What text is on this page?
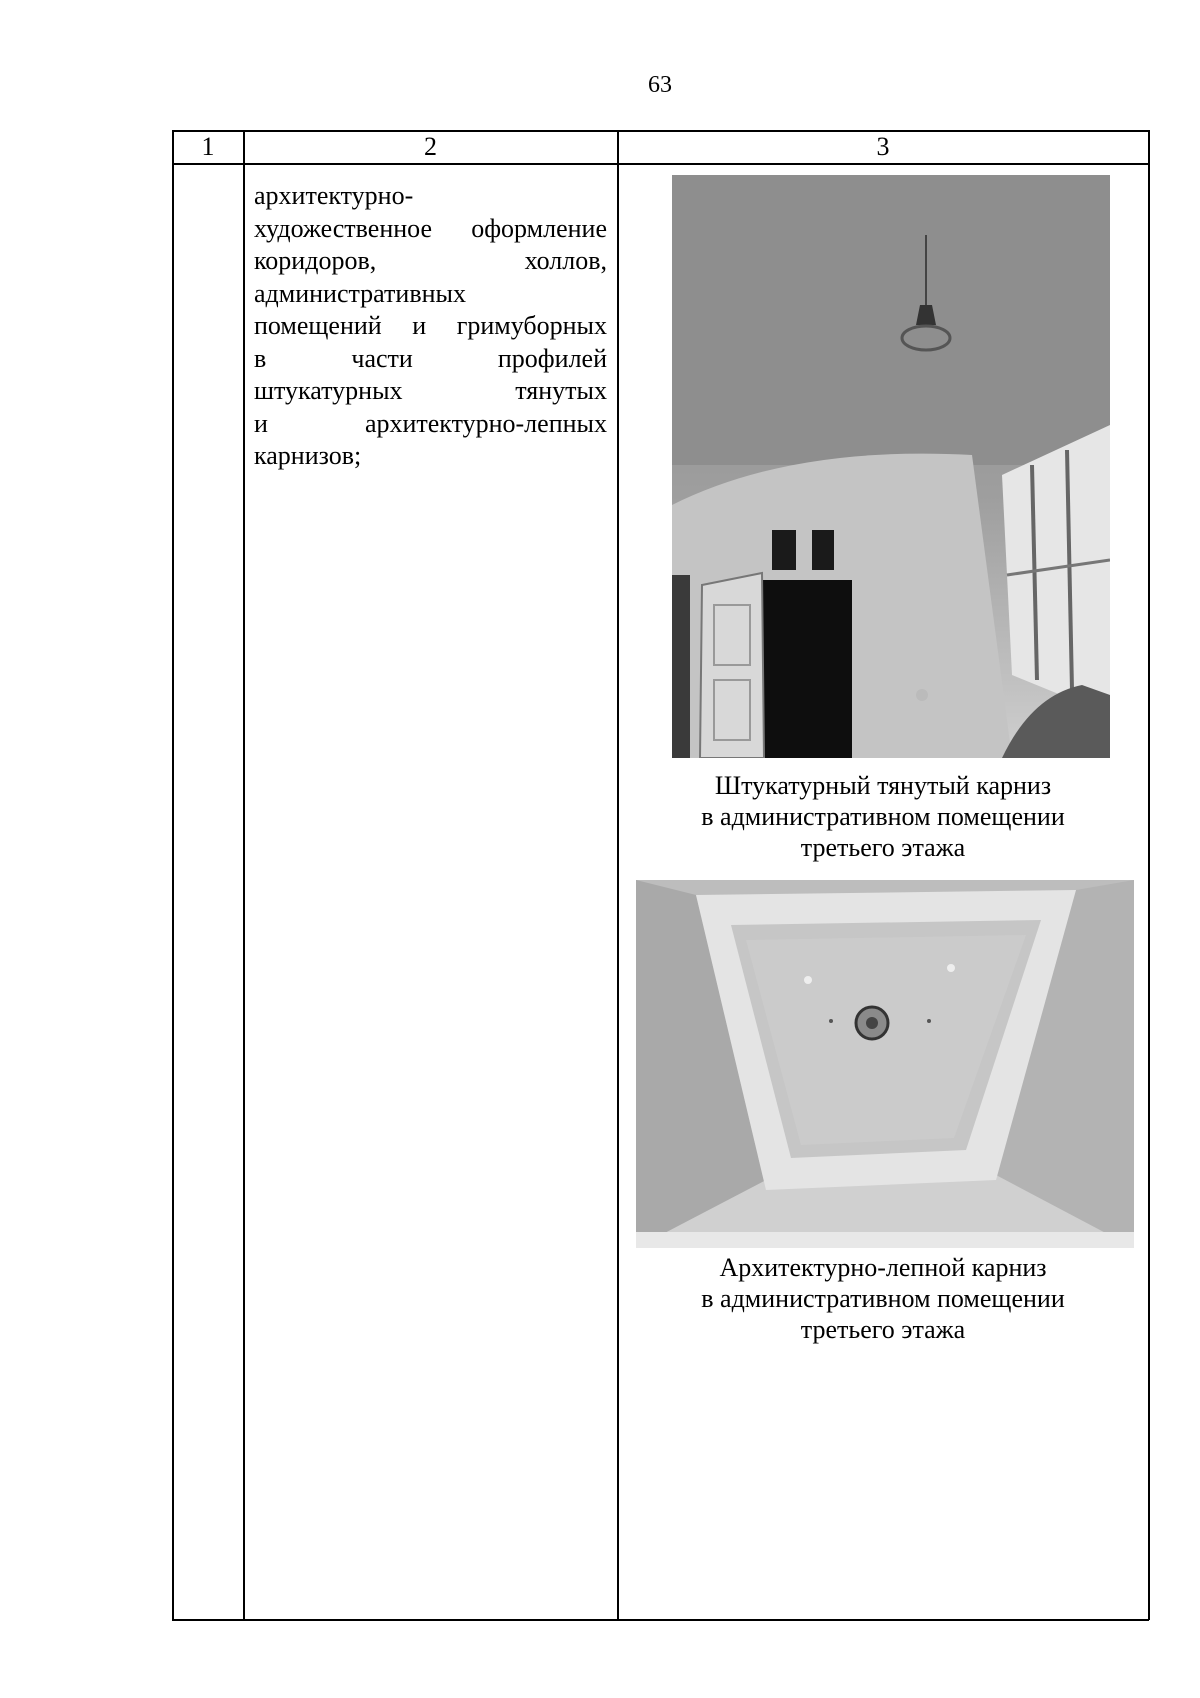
63
1	2	3
архитектурно-
художественное оформление
коридоров, холлов,
административных
помещений и гримуборных
в части профилей
штукатурных тянутых
и архитектурно-лепных
карнизов;
Штукатурный тянутый карниз
в административном помещении
третьего этажа
Архитектурно-лепной карниз
в административном помещении
третьего этажа
